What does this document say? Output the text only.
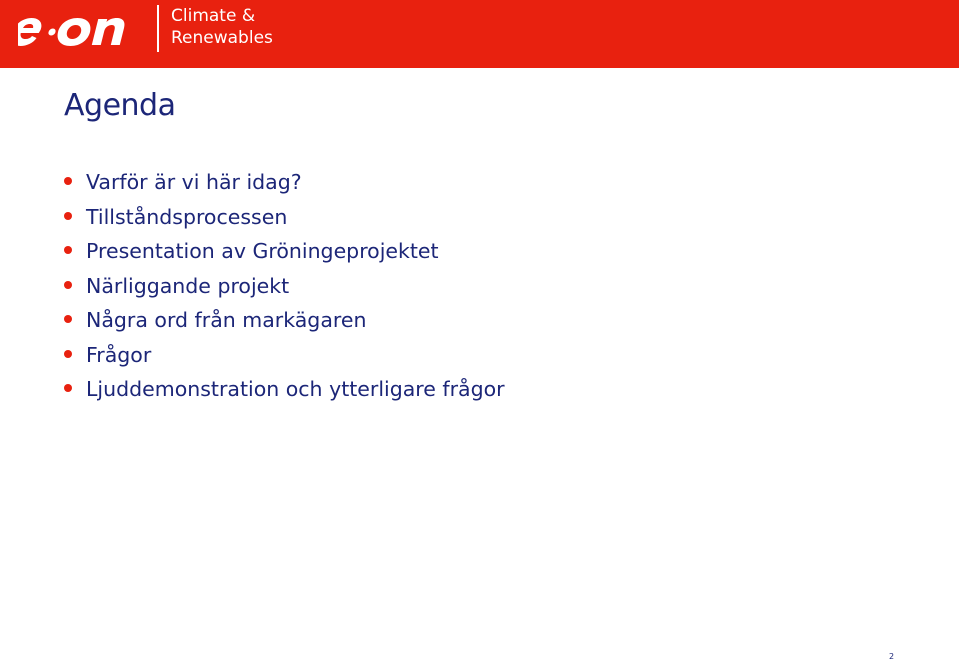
Climate &
Renewables
Agenda
Varför är vi här idag?
Tillståndsprocessen
Presentation av Gröningeprojektet
Närliggande projekt
Några ord från markägaren
Frågor
Ljuddemonstration och ytterligare frågor
2
